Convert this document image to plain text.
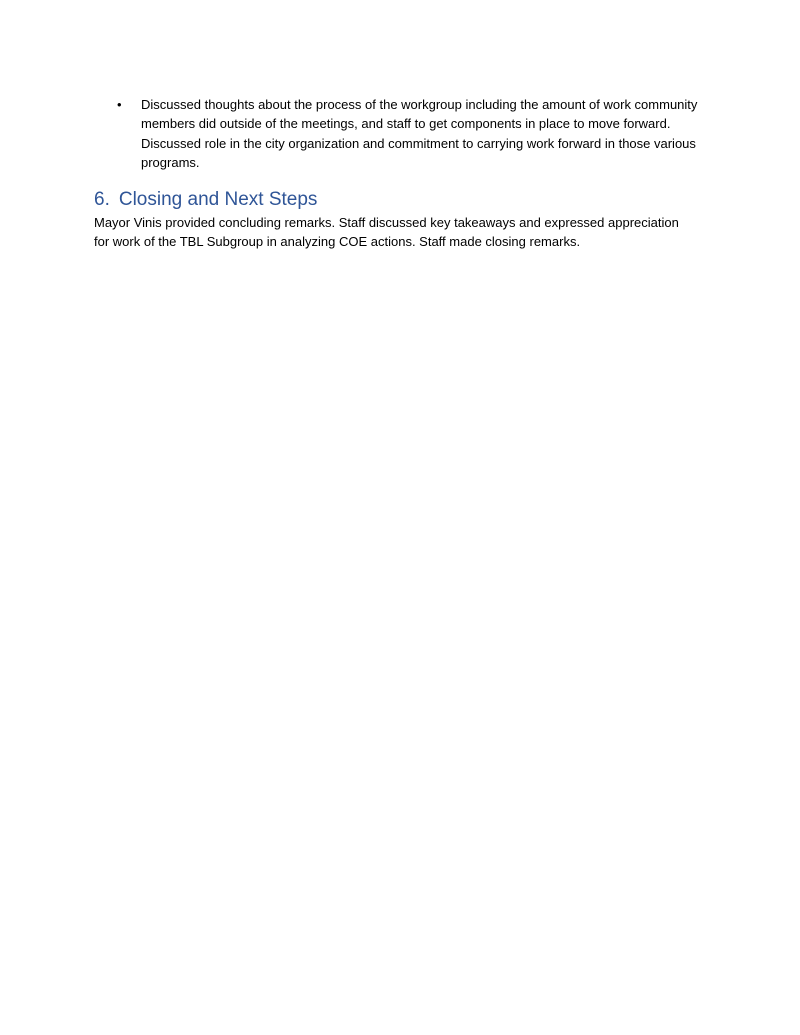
•	Discussed thoughts about the process of the workgroup including the amount of work community members did outside of the meetings, and staff to get components in place to move forward. Discussed role in the city organization and commitment to carrying work forward in those various programs.
6. Closing and Next Steps

Mayor Vinis provided concluding remarks. Staff discussed key takeaways and expressed appreciation for work of the TBL Subgroup in analyzing COE actions. Staff made closing remarks.
